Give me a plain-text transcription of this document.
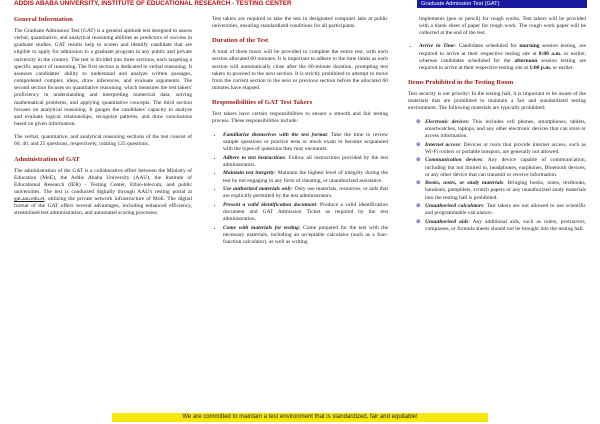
ADDIS ABABA UNIVERSITY, INSTITUTE OF EDUCATIONAL RESEARCH - TESTING CENTER	Graduate Admission Test (GAT)
General Information

The Graduate Admission Test (GAT) is a general aptitude test designed to assess verbal, quantitative, and analytical reasoning abilities as predictors of success in graduate studies. GAT results help to screen and identify candidate that are eligible to apply for admission to a graduate program in any public and private university in the country. The test is divided into three sections, each targeting a specific aspect of reasoning. The first section is dedicated to verbal reasoning. It assesses candidates' ability to understand and analyze written passages, comprehend complex ideas, draw inferences, and evaluate arguments. The second section focuses on quantitative reasoning, which measures the test takers' proficiency in understanding and interpreting numerical data, solving mathematical problems, and applying quantitative concepts. The third section focuses on analytical reasoning. It gauges the candidates' capacity to analyze and evaluate logical relationships, recognize patterns, and draw conclusions based on given information.

The verbal, quantitative, and analytical reasoning sections of the test consist of 60, 40, and 25 questions, respectively, totaling 125 questions.

Administration of GAT

The administration of the GAT is a collaborative effort between the Ministry of Education (MoE), the Addis Ababa University (AAU), the Institute of Educational Research (IER) - Testing Center, Ethio-telecom, and public universities. The test is conducted digitally through AAU's testing portal at gat.aau.edu.et, utilizing the private network infrastructure of MoE. The digital format of the GAT offers several advantages, including enhanced efficiency, streamlined test administration, and automated scoring processes.

Test takers are required to take the test in designated computer labs at public universities, ensuring standardized conditions for all participants.

Duration of the Test

A total of three hours will be provided to complete the entire test, with each section allocated 60 minutes. It is important to adhere to the time limits as each section will automatically close after the 60-minute duration, prompting test takers to proceed to the next section. It is strictly prohibited to attempt to move from the current section to the next or previous section before the allocated 60 minutes have elapsed.

Responsibilities of GAT Test Takers

Test takers have certain responsibilities to ensure a smooth and fair testing process. These responsibilities include:

• Familiarize themselves with the test format: Take the time to review sample questions or practice tests or mock exam to become acquainted with the types of questions they may encounter.
• Adhere to test instructions: Follow all instructions provided by the test administrators.
• Maintain test integrity: Maintain the highest level of integrity during the test by not engaging in any form of cheating, or unauthorized assistance.
• Use authorized materials only: Only use materials, resources, or aids that are explicitly permitted by the test administrators.
• Present a valid identification document: Produce a valid identification document and GAT Admission Ticket as required by the test administration.
• Come with materials for testing: Come prepared for the test with the necessary materials, including an acceptable calculator (such as a four-function calculator), as well as writing

implements (pen or pencil) for rough works. Test takers will be provided with a blank sheet of paper for rough work. The rough work paper will be collected at the end of the test.

• Arrive in Time: Candidates scheduled for morning session testing, are required to arrive at their respective testing site at 8:00 a.m. or earlier, whereas candidates scheduled for the afternoon session testing are required to arrive at their respective testing site at 1:00 p.m. or earlier.
Items Prohibited in the Testing Room

Test security is our priority! In the testing hall, it is important to be aware of the materials that are prohibited to maintain a fair and standardized testing environment. The following materials are typically prohibited:

⊗ Electronic devices: This includes cell phones, smartphones, tablets, smartwatches, laptops, and any other electronic devices that can store or access information.
⊗ Internet access: Devices or tools that provide internet access, such as Wi-Fi routers or portable hotspots, are generally not allowed.
⊗ Communication devices: Any device capable of communication, including but not limited to, headphones, earphones, Bluetooth devices, or any other device that can transmit or receive information.
⊗ Books, notes, or study materials: Bringing books, notes, textbooks, handouts, pamphlets, scratch papers or any unauthorized study materials into the testing hall is prohibited.
⊗ Unauthorized calculators: Test takers are not allowed to use scientific and programmable calculators.
⊗ Unauthorized aids: Any additional aids, such as rulers, protractors, compasses, or formula sheets should not be brought into the testing hall.
We are committed to maintain a test environment that is standardized, fair and equitable!
